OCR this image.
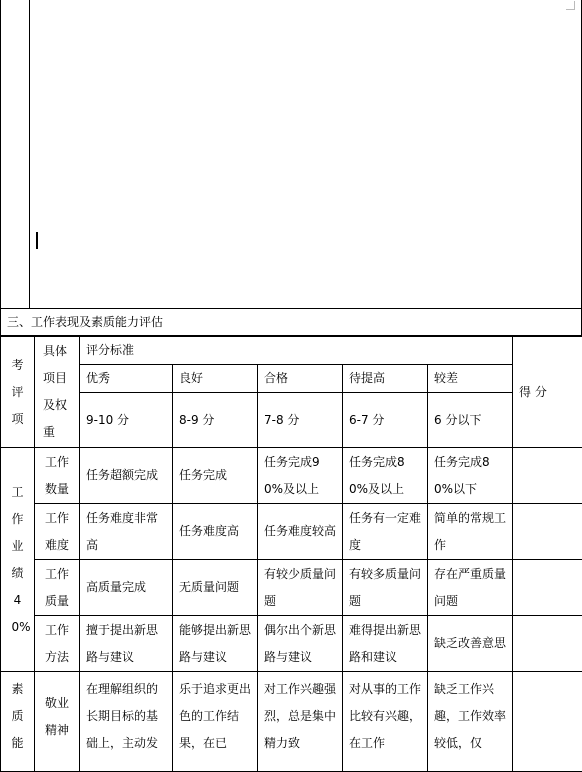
三、工作表现及素质能力评估
考评项	具体项目及权重	评分标准					得 分
		优秀	良好	合格	待提高	较差	
		9-10 分	8-9 分	7-8 分	6-7 分	6 分以下	

工作业绩40%	工作数量	任务超额完成	任务完成	任务完成90%及以上	任务完成80%及以上	任务完成80%以下	

	工作难度	任务难度非常高	任务难度高	任务难度较高	任务有一定难度	简单的常规工作	

	工作质量	高质量完成	无质量问题	有较少质量问题	有较多质量问题	存在严重质量问题	

	工作方法	擅于提出新思路与建议	能够提出新思路与建议	偶尔出个新思路与建议	难得提出新思路和建议	缺乏改善意思	

素质能	敬业精神	在理解组织的长期目标的基础上，主动发	乐于追求更出色的工作结果，在已	对工作兴趣强烈，总是集中精力致	对从事的工作比较有兴趣，在工作	缺乏工作兴趣，工作效率较低，仅	
